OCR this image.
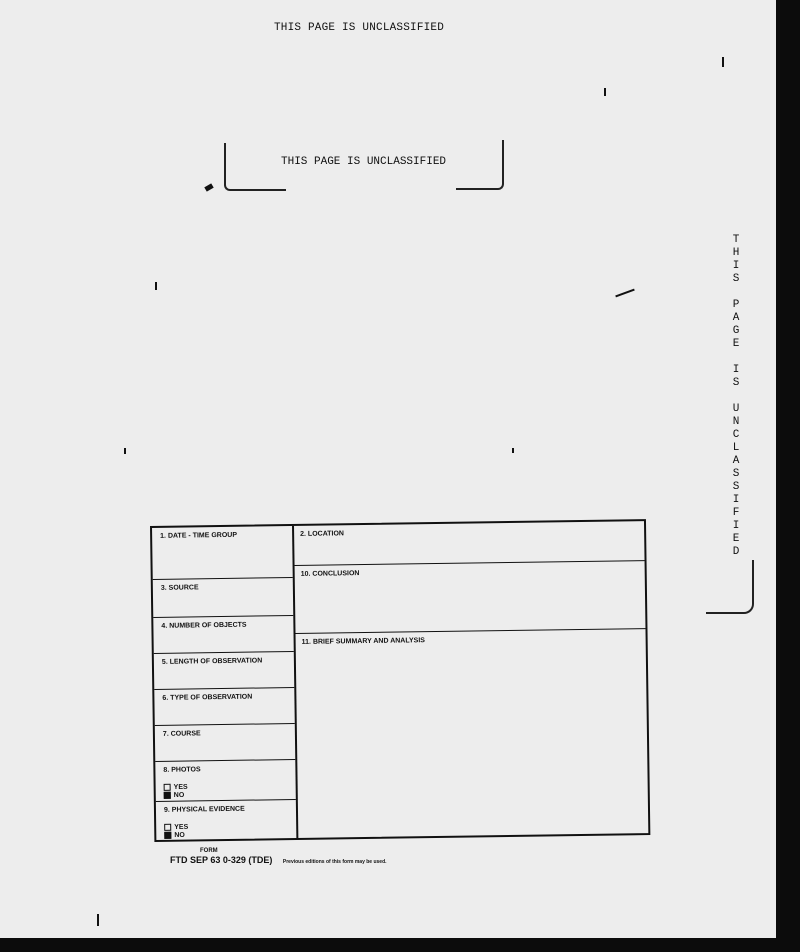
THIS PAGE IS UNCLASSIFIED
THIS PAGE IS UNCLASSIFIED
T
H
I
S
P
A
G
E
I
S
U
N
C
L
A
S
S
I
F
I
E
D
1. DATE - TIME GROUP
3. SOURCE
4. NUMBER OF OBJECTS
5. LENGTH OF OBSERVATION
6. TYPE OF OBSERVATION
7. COURSE
8. PHOTOS
YES
NO
9. PHYSICAL EVIDENCE
YES
NO
2. LOCATION
10. CONCLUSION
11. BRIEF SUMMARY AND ANALYSIS
FORM
FTD SEP 63 0-329 (TDE) Previous editions of this form may be used.
